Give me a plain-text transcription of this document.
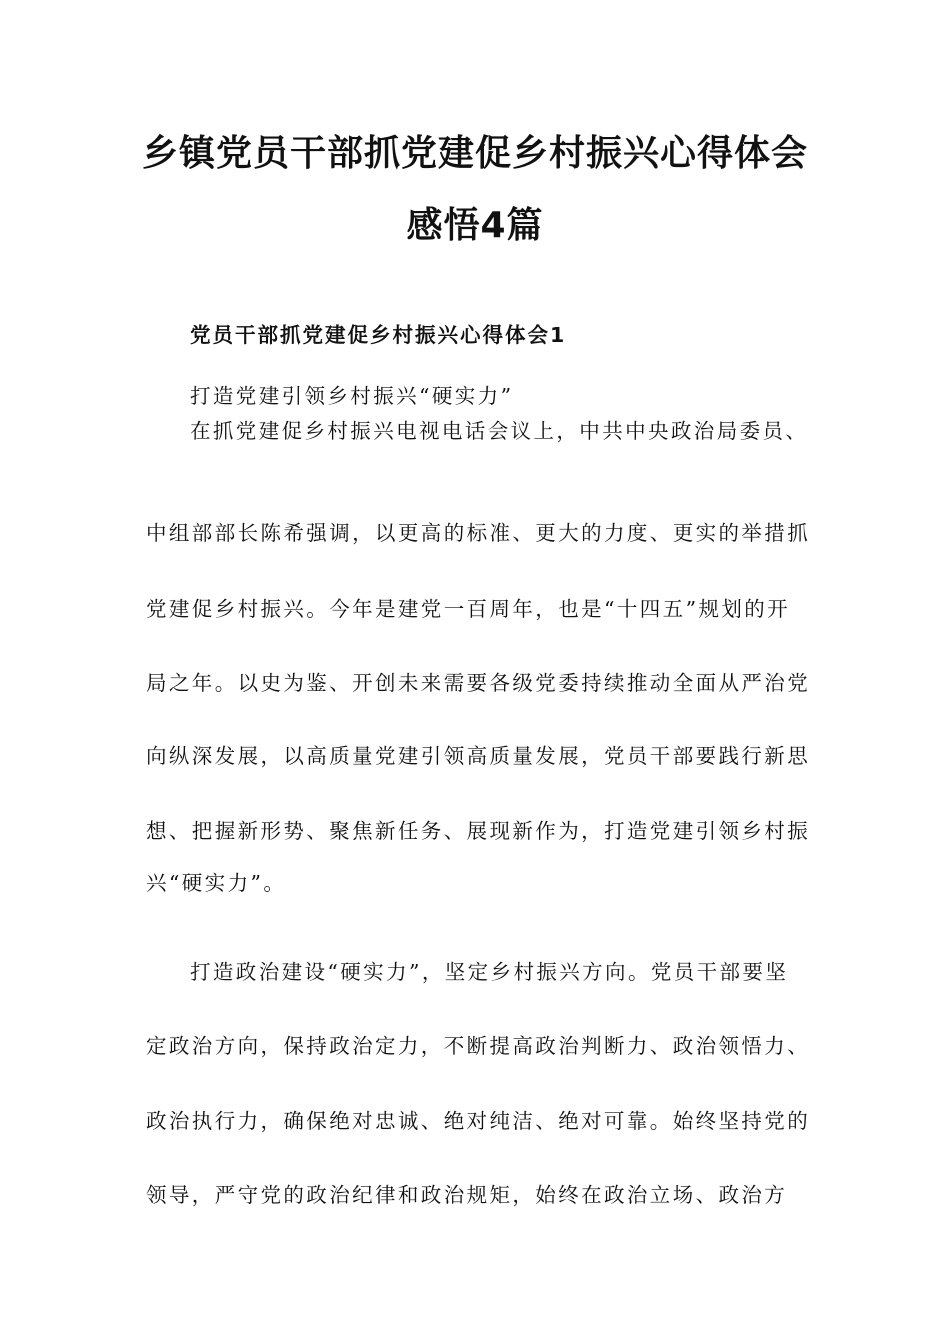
乡镇党员干部抓党建促乡村振兴心得体会
感悟4篇
党员干部抓党建促乡村振兴心得体会1
打造党建引领乡村振兴“硬实力”
在抓党建促乡村振兴电视电话会议上，中共中央政治局委员、
中组部部长陈希强调，以更高的标准、更大的力度、更实的举措抓
党建促乡村振兴。今年是建党一百周年，也是“十四五”规划的开
局之年。以史为鉴、开创未来需要各级党委持续推动全面从严治党
向纵深发展，以高质量党建引领高质量发展，党员干部要践行新思
想、把握新形势、聚焦新任务、展现新作为，打造党建引领乡村振
兴“硬实力”。
打造政治建设“硬实力”，坚定乡村振兴方向。党员干部要坚
定政治方向，保持政治定力，不断提高政治判断力、政治领悟力、
政治执行力，确保绝对忠诚、绝对纯洁、绝对可靠。始终坚持党的
领导，严守党的政治纪律和政治规矩，始终在政治立场、政治方
